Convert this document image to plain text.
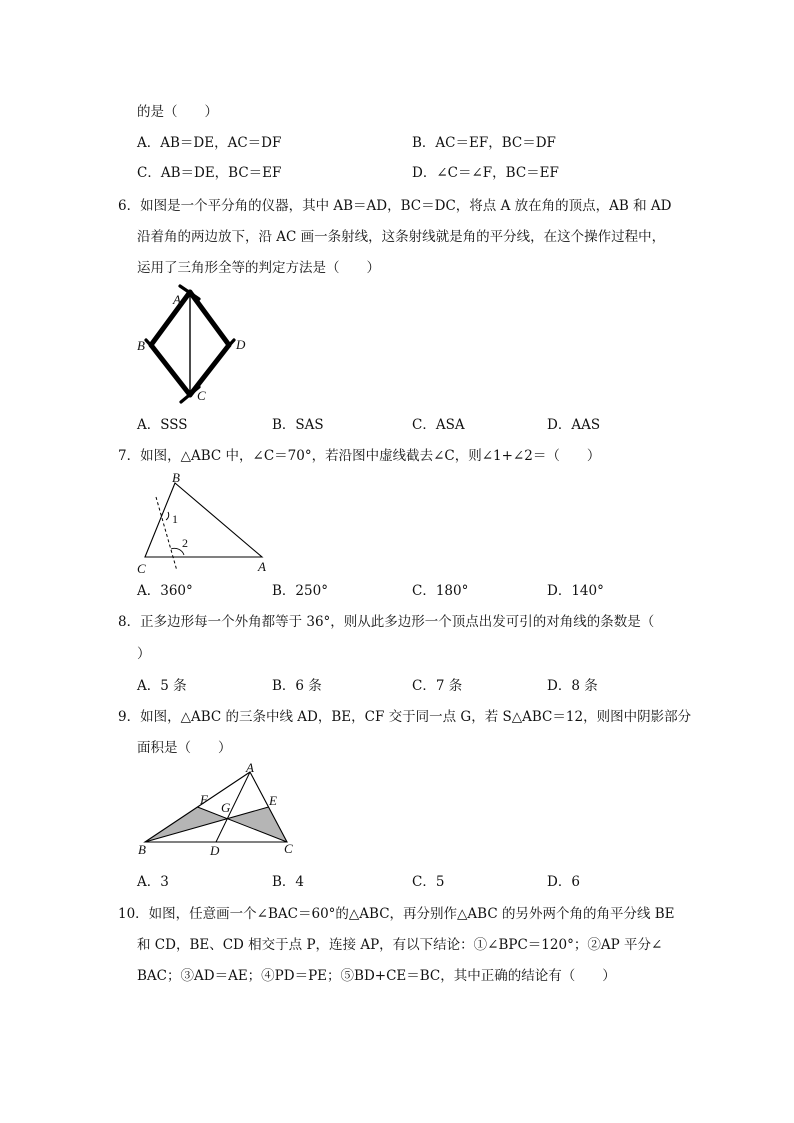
的是（　　）
A．AB＝DE，AC＝DF	B．AC＝EF，BC＝DF
C．AB＝DE，BC＝EF	D．∠C＝∠F，BC＝EF
6．如图是一个平分角的仪器，其中 AB＝AD，BC＝DC，将点 A 放在角的顶点，AB 和 AD
沿着角的两边放下，沿 AC 画一条射线，这条射线就是角的平分线，在这个操作过程中，
运用了三角形全等的判定方法是（　　）
A
B
C
D
A．SSS	B．SAS	C．ASA	D．AAS
7．如图，△ABC 中，∠C＝70°，若沿图中虚线截去∠C，则∠1+∠2＝（　　）
B
C	A
1
2
A．360°	B．250°	C．180°	D．140°
8．正多边形每一个外角都等于 36°，则从此多边形一个顶点出发可引的对角线的条数是（
）
A．5 条	B．6 条	C．7 条	D．8 条
9．如图，△ABC 的三条中线 AD，BE，CF 交于同一点 G，若 S△ABC＝12，则图中阴影部分
面积是（　　）
A
B	C
D
E
F
G
A．3	B．4	C．5	D．6
10．如图，任意画一个∠BAC＝60°的△ABC，再分别作△ABC 的另外两个角的角平分线 BE
和 CD，BE、CD 相交于点 P，连接 AP，有以下结论：①∠BPC＝120°；②AP 平分∠
BAC；③AD＝AE；④PD＝PE；⑤BD+CE＝BC，其中正确的结论有（　　）
